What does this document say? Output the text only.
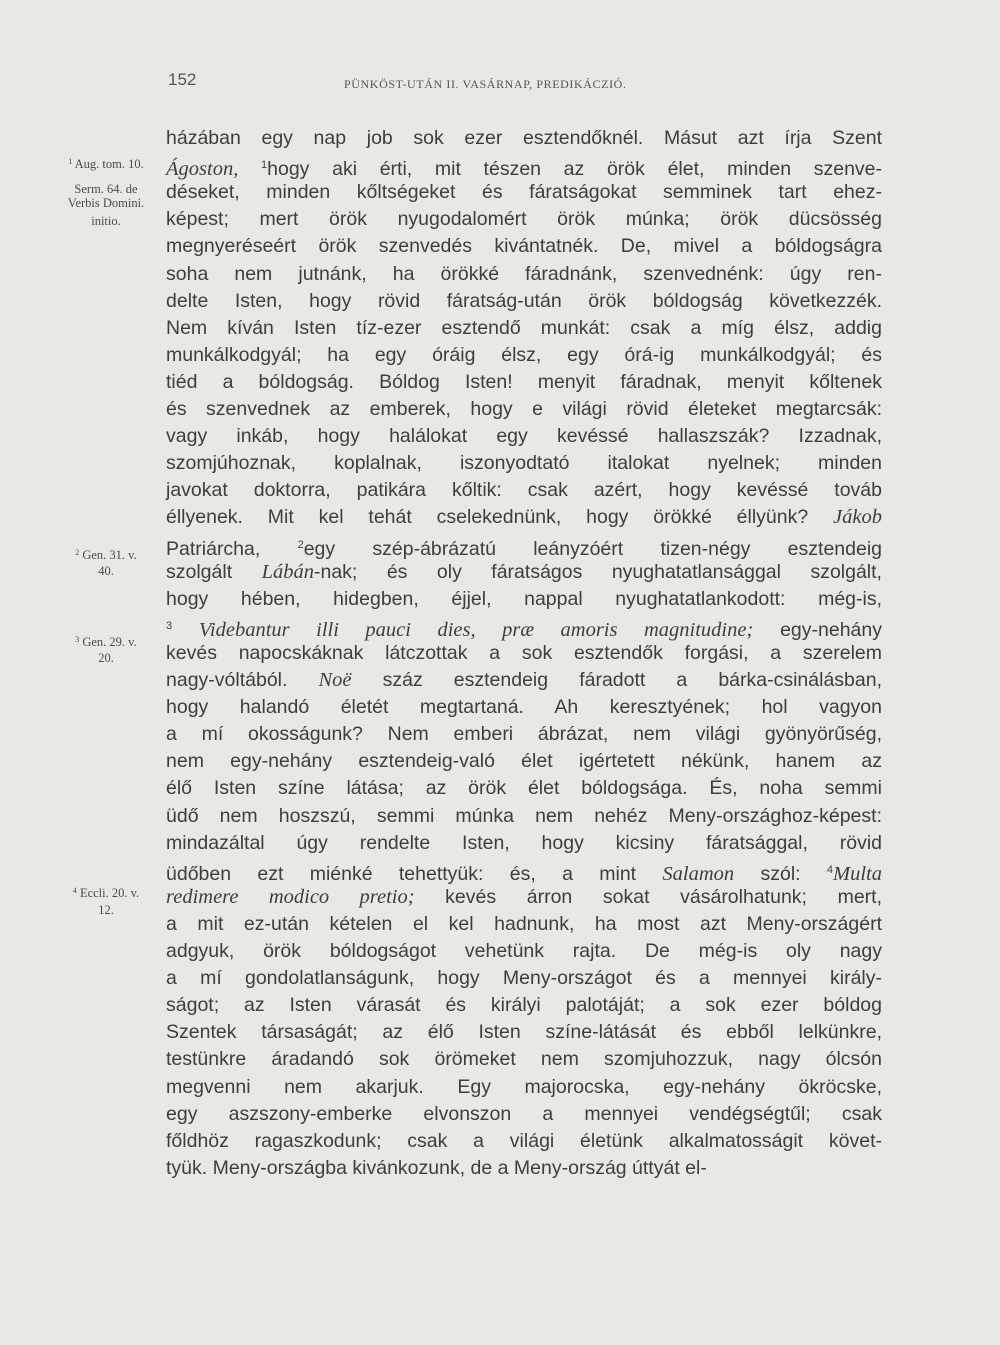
152	PÜNKÖST-UTÁN II. VASÁRNAP, PREDIKÁCZIÓ.
házában egy nap job sok ezer esztendőknél. Másut azt írja Szent
Ágoston, $^1$hogy aki érti, mit tészen az örök élet, minden szenve-
déseket, minden kőltségeket és fáratságokat semminek tart ehez-
képest; mert örök nyugodalomért örök múnka; örök dücsösség
megnyeréseért örök szenvedés kivántatnék. De, mivel a bóldogságra
soha nem jutnánk, ha örökké fáradnánk, szenvednénk: úgy ren-
delte Isten, hogy rövid fáratság-után örök bóldogság következzék.
Nem kíván Isten tíz-ezer esztendő munkát: csak a míg élsz, addig
munkálkodgyál; ha egy óráig élsz, egy órá-ig munkálkodgyál; és
tiéd a bóldogság. Bóldog Isten! menyit fáradnak, menyit kőltenek
és szenvednek az emberek, hogy e világi rövid életeket megtarcsák:
vagy inkáb, hogy halálokat egy kevéssé hallaszszák? Izzadnak,
szomjúhoznak, koplalnak, iszonyodtató italokat nyelnek; minden
javokat doktorra, patikára kőltik: csak azért, hogy kevéssé továb
éllyenek. Mit kel tehát cselekednünk, hogy örökké éllyünk? Jákob
Patriárcha, $^2$egy szép-ábrázatú leányzóért tizen-négy esztendeig
szolgált Lábán-nak; és oly fáratságos nyughatatlansággal szolgált,
hogy hében, hidegben, éjjel, nappal nyughatatlankodott: még-is,
$^3$ Videbantur illi pauci dies, præ amoris magnitudine; egy-nehány
kevés napocskáknak látczottak a sok esztendők forgási, a szerelem
nagy-vóltából. Noë száz esztendeig fáradott a bárka-csinálásban,
hogy halandó életét megtartaná. Ah keresztyének; hol vagyon
a mí okosságunk? Nem emberi ábrázat, nem világi gyönyörűség,
nem egy-nehány esztendeig-való élet igértetett nékünk, hanem az
élő Isten színe látása; az örök élet bóldogsága. És, noha semmi
üdő nem hoszszú, semmi múnka nem nehéz Meny-országhoz-képest:
mindazáltal úgy rendelte Isten, hogy kicsiny fáratsággal, rövid
üdőben ezt miénké tehettyük: és, a mint Salamon szól: $^4$Multa
redimere modico pretio; kevés árron sokat vásárolhatunk; mert,
a mit ez-után kételen el kel hadnunk, ha most azt Meny-országért
adgyuk, örök bóldogságot vehetünk rajta. De még-is oly nagy
a mí gondolatlanságunk, hogy Meny-országot és a mennyei király-
ságot; az Isten várasát és királyi palotáját; a sok ezer bóldog
Szentek társaságát; az élő Isten színe-látását és ebből lelkünkre,
testünkre áradandó sok örömeket nem szomjuhozzuk, nagy ólcsón
megvenni nem akarjuk. Egy majorocska, egy-nehány ökröcske,
egy aszszony-emberke elvonszon a mennyei vendégségtűl; csak
főldhöz ragaszkodunk; csak a világi életünk alkalmatosságit követ-
tyük. Meny-országba kivánkozunk, de a Meny-ország úttyát el-
$^1$ Aug. tom. 10.
Serm. 64. de
Verbis Domini.
initio.
$^2$ Gen. 31. v.
40.
$^3$ Gen. 29. v.
20.
$^4$ Eccli. 20. v.
12.
